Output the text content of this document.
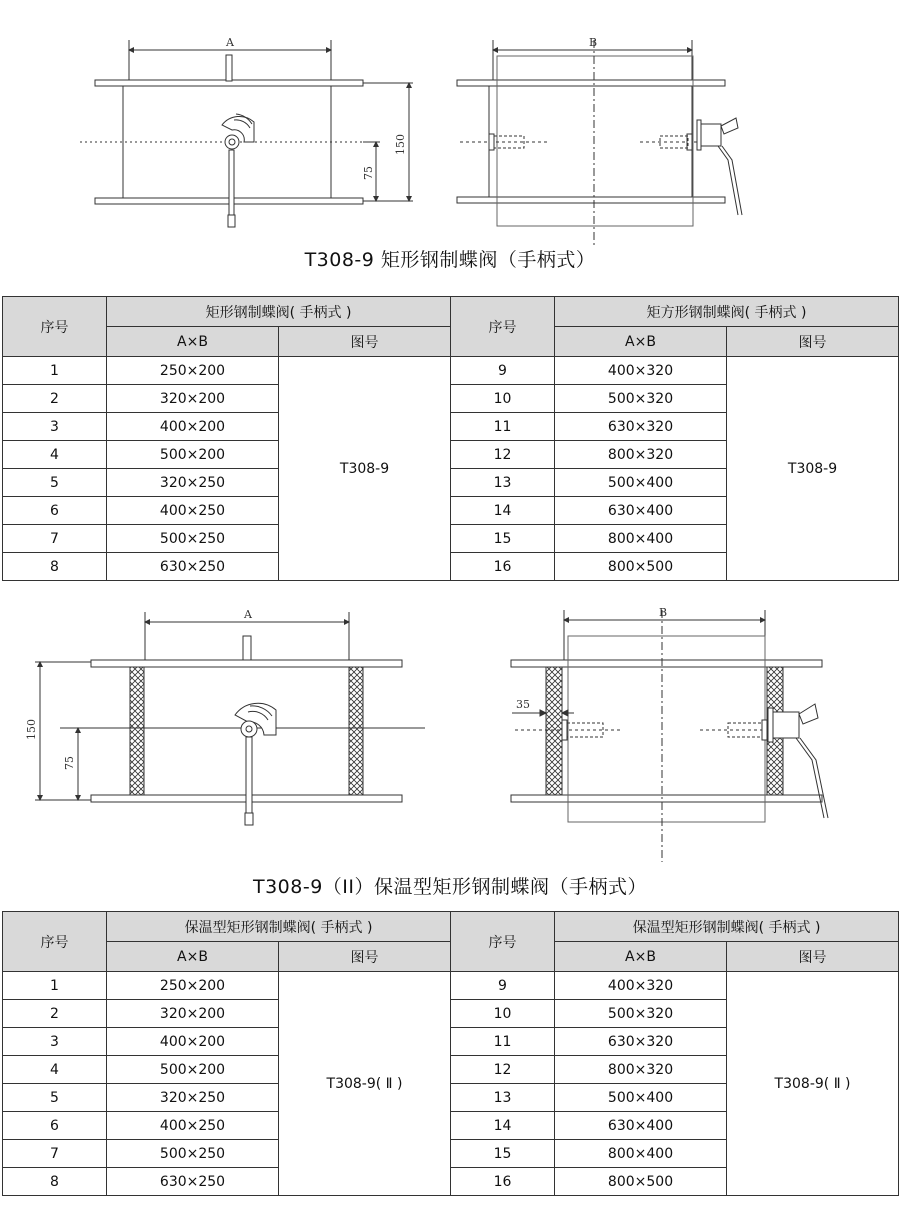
A
150
75
B
T308-9 矩形钢制蝶阀（手柄式）
序号	矩形钢制蝶阀( 手柄式 )		序号	矩方形钢制蝶阀( 手柄式 )	
	A×B	图号		A×B	图号
1	250×200	T308-9	9	400×320	T308-9
2	320×200		10	500×320	
3	400×200		11	630×320	
4	500×200		12	800×320	
5	320×250		13	500×400	
6	400×250		14	630×400	
7	500×250		15	800×400	
8	630×250		16	800×500	
A
150
75
B
35
T308-9（II）保温型矩形钢制蝶阀（手柄式）
序号	保温型矩形钢制蝶阀( 手柄式 )		序号	保温型矩形钢制蝶阀( 手柄式 )	
	A×B	图号		A×B	图号
1	250×200	T308-9( Ⅱ )	9	400×320	T308-9( Ⅱ )
2	320×200		10	500×320	
3	400×200		11	630×320	
4	500×200		12	800×320	
5	320×250		13	500×400	
6	400×250		14	630×400	
7	500×250		15	800×400	
8	630×250		16	800×500	
